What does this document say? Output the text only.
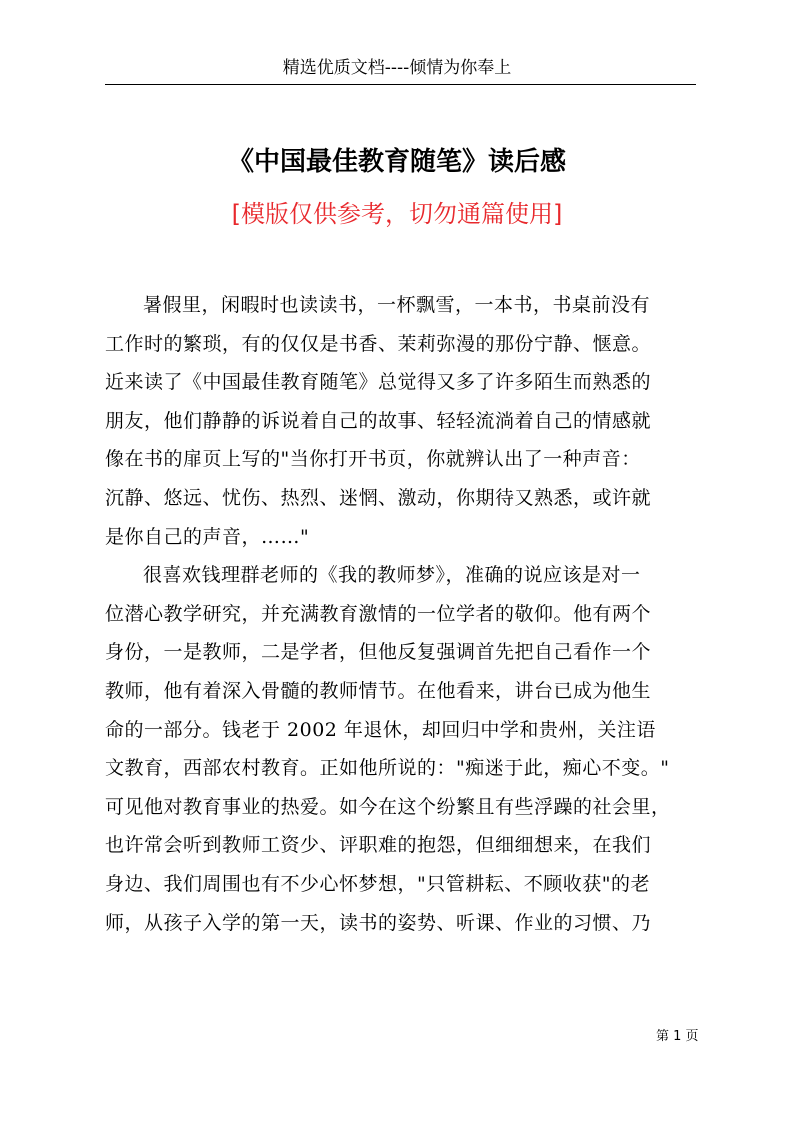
精选优质文档----倾情为你奉上
《中国最佳教育随笔》读后感
[模版仅供参考，切勿通篇使用]
暑假里，闲暇时也读读书，一杯飘雪，一本书，书桌前没有
工作时的繁琐，有的仅仅是书香、茉莉弥漫的那份宁静、惬意。
近来读了《中国最佳教育随笔》总觉得又多了许多陌生而熟悉的
朋友，他们静静的诉说着自己的故事、轻轻流淌着自己的情感就
像在书的扉页上写的"当你打开书页，你就辨认出了一种声音：
沉静、悠远、忧伤、热烈、迷惘、激动，你期待又熟悉，或许就
是你自己的声音，……"
很喜欢钱理群老师的《我的教师梦》，准确的说应该是对一
位潜心教学研究，并充满教育激情的一位学者的敬仰。他有两个
身份，一是教师，二是学者，但他反复强调首先把自己看作一个
教师，他有着深入骨髓的教师情节。在他看来，讲台已成为他生
命的一部分。钱老于 2002 年退休，却回归中学和贵州，关注语
文教育，西部农村教育。正如他所说的："痴迷于此，痴心不变。"
可见他对教育事业的热爱。如今在这个纷繁且有些浮躁的社会里，
也许常会听到教师工资少、评职难的抱怨，但细细想来，在我们
身边、我们周围也有不少心怀梦想，"只管耕耘、不顾收获"的老
师，从孩子入学的第一天，读书的姿势、听课、作业的习惯、乃
第 1 页
